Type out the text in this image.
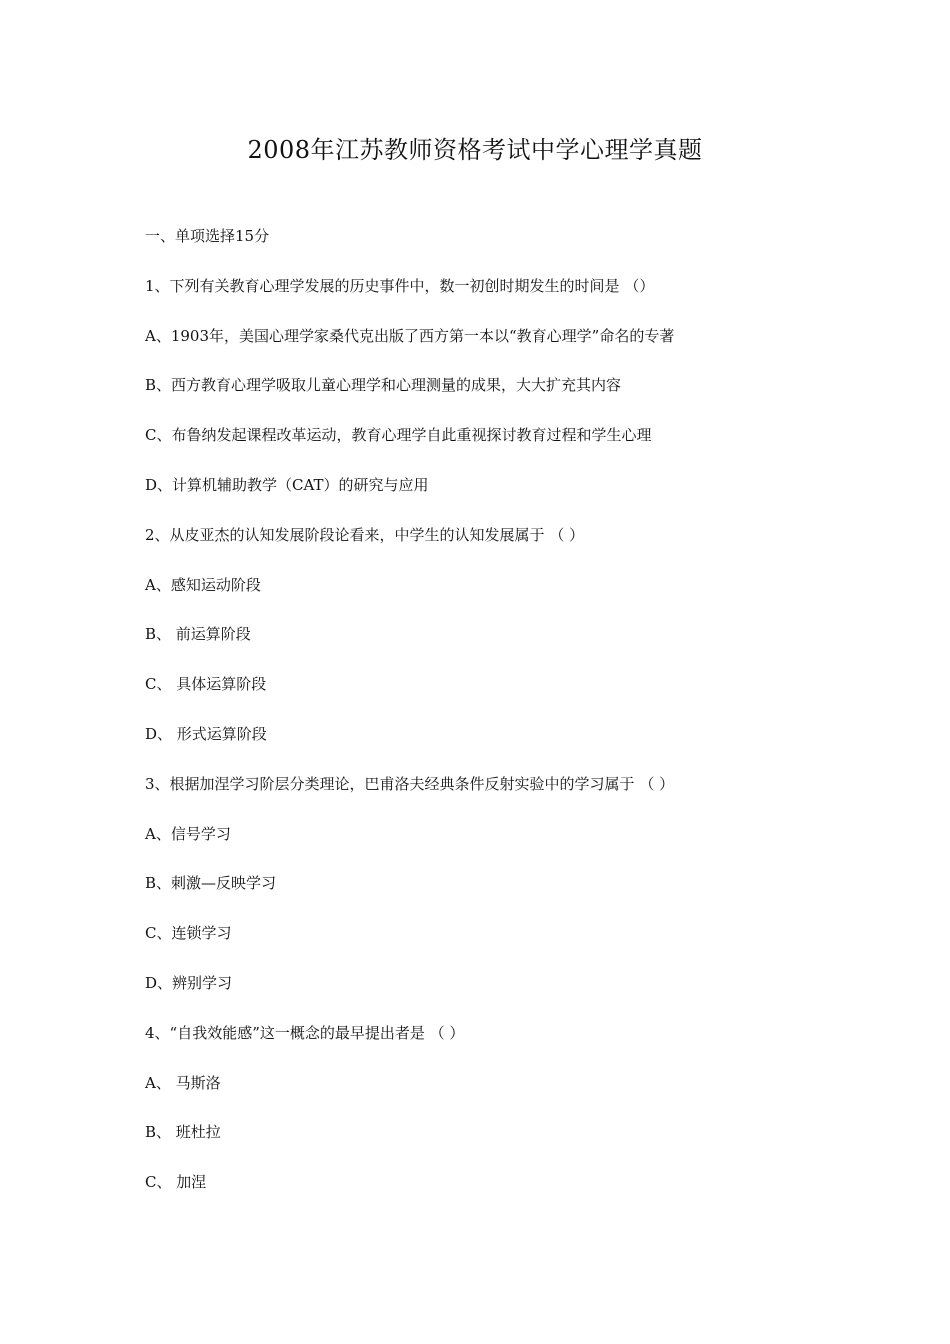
2008年江苏教师资格考试中学心理学真题
一、单项选择15分
1、下列有关教育心理学发展的历史事件中，数一初创时期发生的时间是 （）
A、1903年，美国心理学家桑代克出版了西方第一本以“教育心理学”命名的专著
B、西方教育心理学吸取儿童心理学和心理测量的成果，大大扩充其内容
C、布鲁纳发起课程改革运动，教育心理学自此重视探讨教育过程和学生心理
D、计算机辅助教学（CAT）的研究与应用
2、从皮亚杰的认知发展阶段论看来，中学生的认知发展属于 （ ）
A、感知运动阶段
B、 前运算阶段
C、 具体运算阶段
D、 形式运算阶段
3、根据加涅学习阶层分类理论，巴甫洛夫经典条件反射实验中的学习属于 （ ）
A、信号学习
B、刺激—反映学习
C、连锁学习
D、辨别学习
4、“自我效能感”这一概念的最早提出者是 （ ）
A、 马斯洛
B、 班杜拉
C、 加涅
